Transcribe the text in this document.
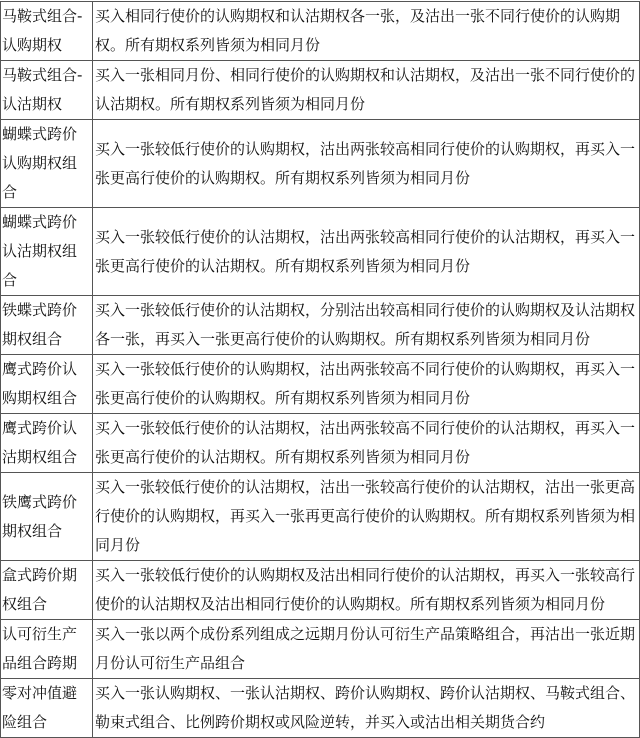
马鞍式组合-认购期权	买入相同行使价的认购期权和认沽期权各一张，及沽出一张不同行使价的认购期权。所有期权系列皆须为相同月份
马鞍式组合-认沽期权	买入一张相同月份、相同行使价的认购期权和认沽期权，及沽出一张不同行使价的认沽期权。所有期权系列皆须为相同月份
蝴蝶式跨价认购期权组合	买入一张较低行使价的认购期权，沽出两张较高相同行使价的认购期权，再买入一张更高行使价的认购期权。所有期权系列皆须为相同月份
蝴蝶式跨价认沽期权组合	买入一张较低行使价的认沽期权，沽出两张较高相同行使价的认沽期权，再买入一张更高行使价的认沽期权。所有期权系列皆须为相同月份
铁蝶式跨价期权组合	买入一张较低行使价的认沽期权，分别沽出较高相同行使价的认购期权及认沽期权各一张，再买入一张更高行使价的认购期权。所有期权系列皆须为相同月份
鹰式跨价认购期权组合	买入一张较低行使价的认购期权，沽出两张较高不同行使价的认购期权，再买入一张更高行使价的认购期权。所有期权系列皆须为相同月份
鹰式跨价认沽期权组合	买入一张较低行使价的认沽期权，沽出两张较高不同行使价的认沽期权，再买入一张更高行使价的认沽期权。所有期权系列皆须为相同月份
铁鹰式跨价期权组合	买入一张较低行使价的认沽期权，沽出一张较高行使价的认沽期权，沽出一张更高行使价的认购期权，再买入一张再更高行使价的认购期权。所有期权系列皆须为相同月份
盒式跨价期权组合	买入一张较低行使价的认购期权及沽出相同行使价的认沽期权，再买入一张较高行使价的认沽期权及沽出相同行使价的认购期权。所有期权系列皆须为相同月份
认可衍生产品组合跨期	买入一张以两个成份系列组成之远期月份认可衍生产品策略组合，再沽出一张近期月份认可衍生产品组合
零对冲值避险组合	买入一张认购期权、一张认沽期权、跨价认购期权、跨价认沽期权、马鞍式组合、勒束式组合、比例跨价期权或风险逆转，并买入或沽出相关期货合约
